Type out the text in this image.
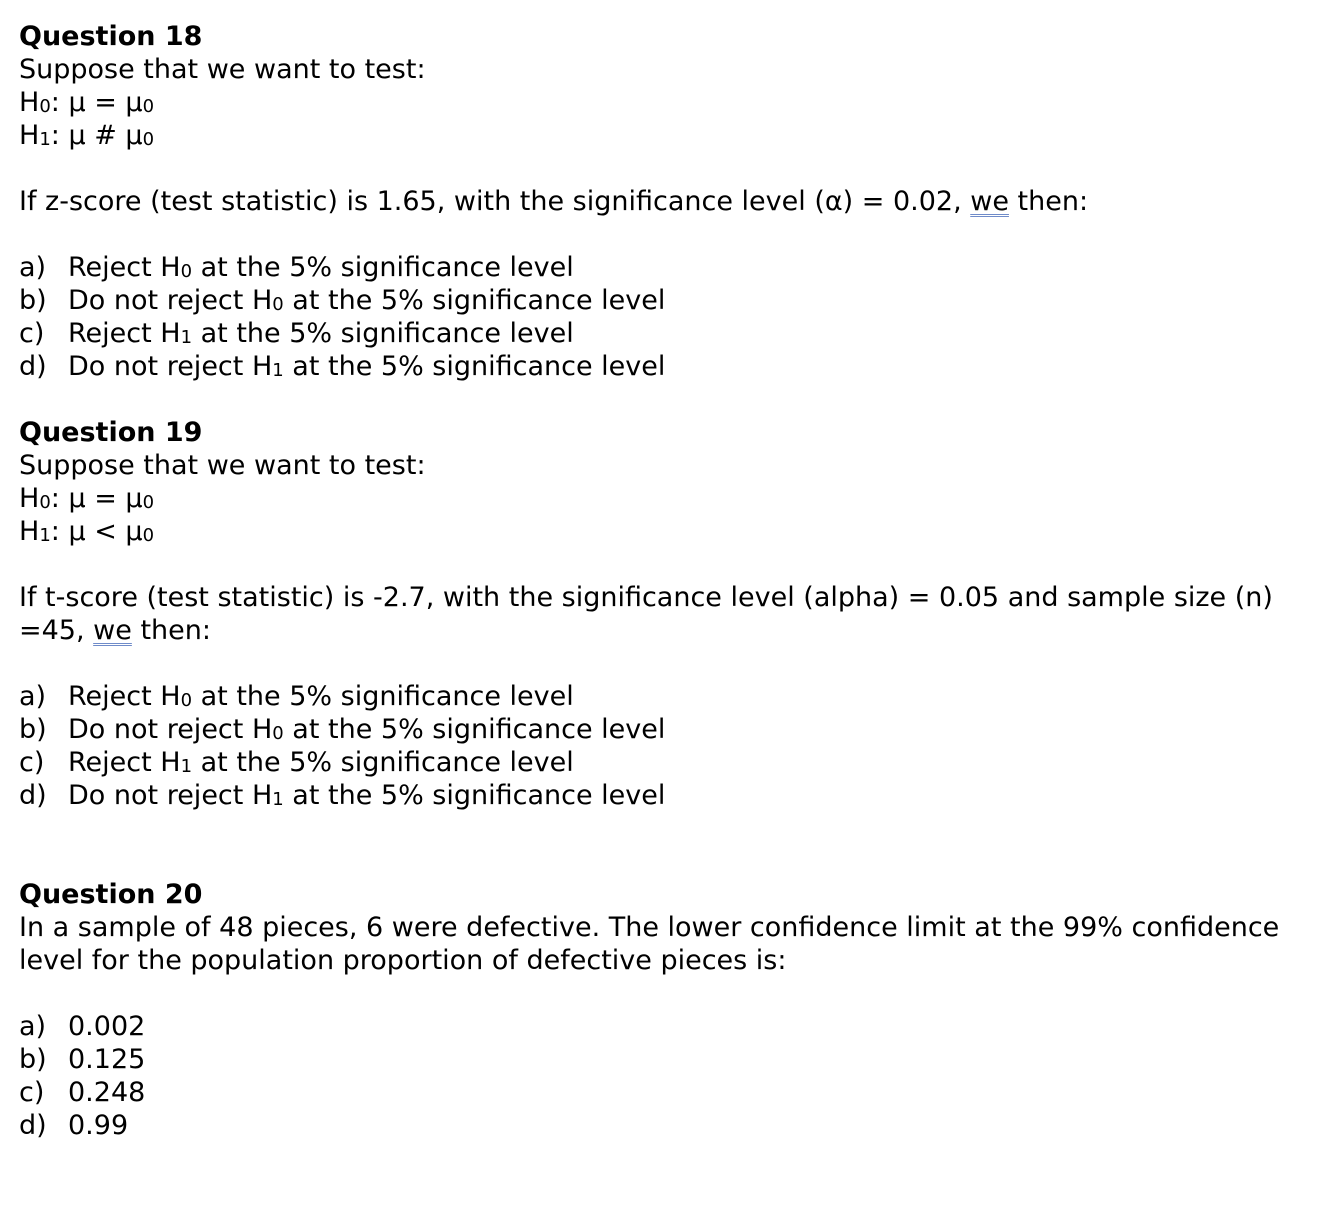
Question 18
Suppose that we want to test:
$H_0$: $\mu = \mu_0$
$H_1$: μ # $\mu_0$
If z-score (test statistic) is 1.65, with the significance level (α) = 0.02, we then:
a) Reject $H_0$ at the 5% significance level
b) Do not reject $H_0$ at the 5% significance level
c) Reject $H_1$ at the 5% significance level
d) Do not reject $H_1$ at the 5% significance level
Question 19
Suppose that we want to test:
$H_0$: $\mu = \mu_0$
$H_1$: $\mu < \mu_0$
If t-score (test statistic) is -2.7, with the significance level (alpha) = 0.05 and sample size (n)
=45, we then:
a) Reject $H_0$ at the 5% significance level
b) Do not reject $H_0$ at the 5% significance level
c) Reject $H_1$ at the 5% significance level
d) Do not reject $H_1$ at the 5% significance level
Question 20
In a sample of 48 pieces, 6 were defective. The lower confidence limit at the 99% confidence level for the population proportion of defective pieces is:
a) 0.002
b) 0.125
c) 0.248
d) 0.99
